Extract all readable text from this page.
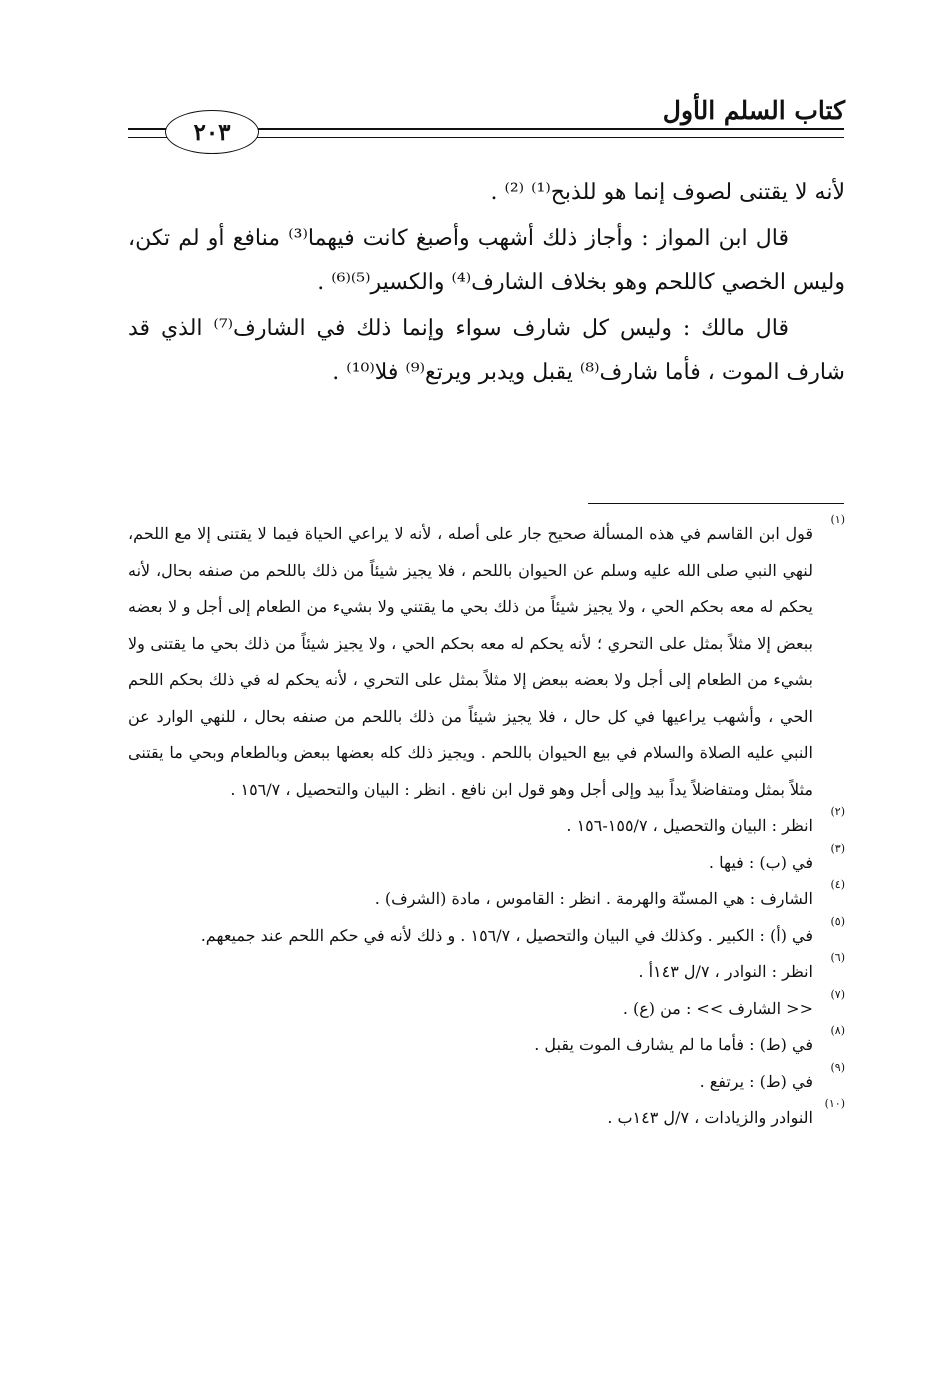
كتاب السلم الأول
٢٠٣

لأنه لا يقتنى لصوف إنما هو للذبح⁽¹⁾ ⁽²⁾ .

قال ابن المواز : وأجاز ذلك أشهب وأصبغ كانت فيهما⁽³⁾ منافع أو لم تكن، وليس الخصي كاللحم وهو بخلاف الشارف⁽⁴⁾ والكسير⁽⁵⁾⁽⁶⁾ .

قال مالك : وليس كل شارف سواء وإنما ذلك في الشارف⁽⁷⁾ الذي قد شارف الموت ، فأما شارف⁽⁸⁾ يقبل ويدبر ويرتع⁽⁹⁾ فلا⁽¹⁰⁾ .

(١)
قول ابن القاسم في هذه المسألة صحيح جار على أصله ، لأنه لا يراعي الحياة فيما لا يقتنى إلا مع اللحم، لنهي النبي صلى الله عليه وسلم عن الحيوان باللحم ، فلا يجيز شيئاً من ذلك باللحم من صنفه بحال، لأنه يحكم له معه بحكم الحي ، ولا يجيز شيئاً من ذلك بحي ما يقتني ولا بشيء من الطعام إلى أجل و لا بعضه ببعض إلا مثلاً بمثل على التحري ؛ لأنه يحكم له معه بحكم الحي ، ولا يجيز شيئاً من ذلك بحي ما يقتنى ولا بشيء من الطعام إلى أجل ولا بعضه ببعض إلا مثلاً بمثل على التحري ، لأنه يحكم له في ذلك بحكم اللحم الحي ، وأشهب يراعيها في كل حال ، فلا يجيز شيئاً من ذلك باللحم من صنفه بحال ، للنهي الوارد عن النبي عليه الصلاة والسلام في بيع الحيوان باللحم . ويجيز ذلك كله بعضها ببعض وبالطعام وبحي ما يقتنى مثلاً بمثل ومتفاضلاً يداً بيد وإلى أجل وهو قول ابن نافع . انظر : البيان والتحصيل ، ١٥٦/٧ .
(٢)
انظر : البيان والتحصيل ، ١٥٥/٧-١٥٦ .
(٣)
في (ب) : فيها .
(٤)
الشارف : هي المسنّة والهرمة . انظر : القاموس ، مادة (الشرف) .
(٥)
في (أ) : الكبير . وكذلك في البيان والتحصيل ، ١٥٦/٧ . و ذلك لأنه في حكم اللحم عند جميعهم.
(٦)
انظر : النوادر ، ٧/ل ١٤٣أ .
(٧)
<< الشارف >> : من (ع) .
(٨)
في (ط) : فأما ما لم يشارف الموت يقبل .
(٩)
في (ط) : يرتفع .
(١٠)
النوادر والزيادات ، ٧/ل ١٤٣ب .
